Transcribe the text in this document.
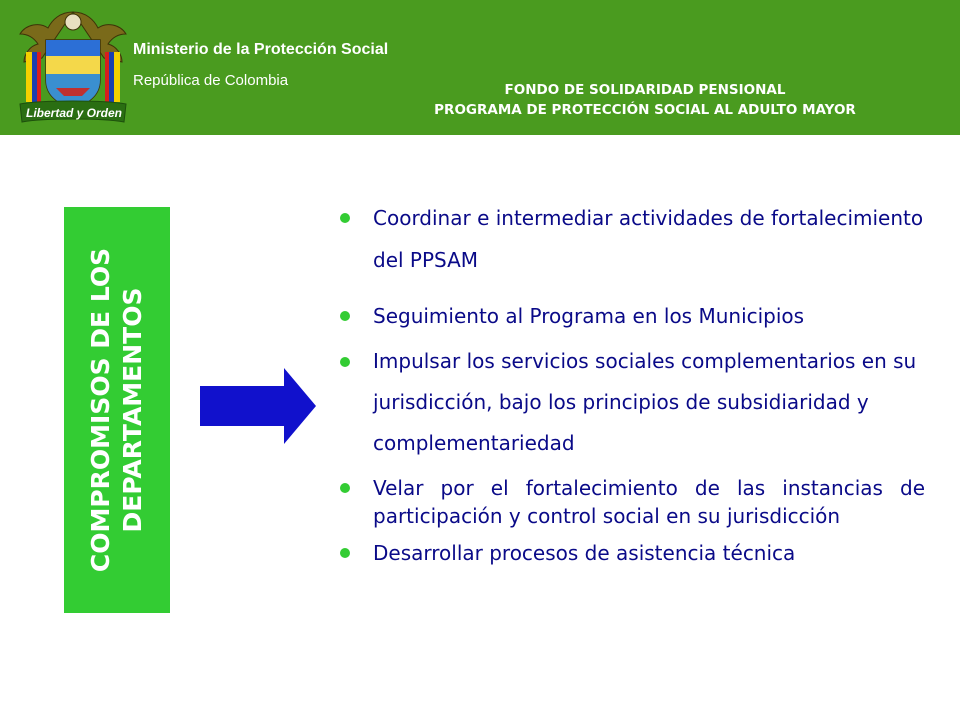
Libertad y Orden
Ministerio de la Protección Social
República de Colombia
FONDO DE SOLIDARIDAD PENSIONAL
PROGRAMA DE PROTECCIÓN SOCIAL AL ADULTO MAYOR
COMPROMISOS DE LOS DEPARTAMENTOS
Coordinar e intermediar actividades de fortalecimiento del PPSAM
Seguimiento al Programa en los Municipios
Impulsar los servicios sociales complementarios en su jurisdicción, bajo los principios de subsidiaridad y complementariedad
Velar por el fortalecimiento de las instancias de participación y control social en su jurisdicción
Desarrollar procesos de asistencia técnica
